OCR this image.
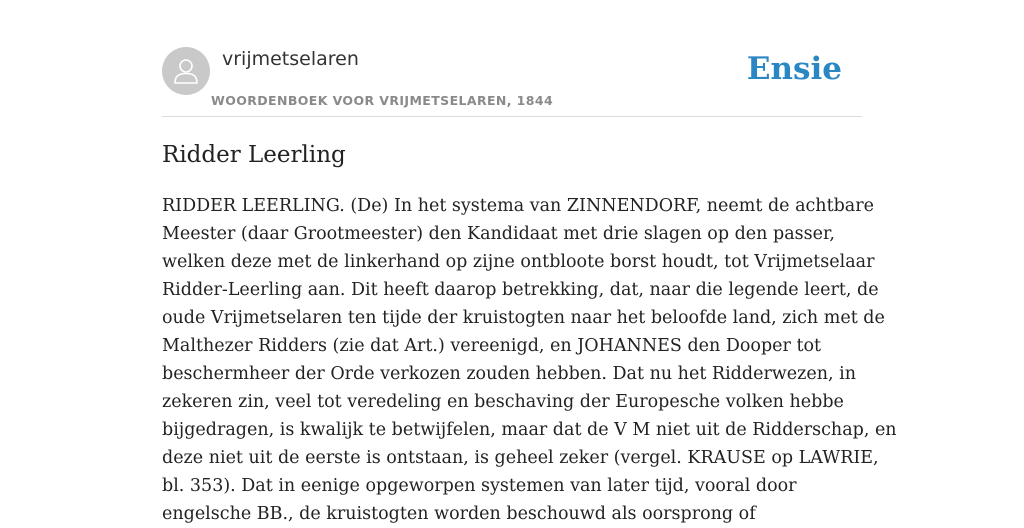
vrijmetselaren
WOORDENBOEK VOOR VRIJMETSELAREN, 1844
Ensie
Ridder Leerling

RIDDER LEERLING. (De) In het systema van ZINNENDORF, neemt de achtbare
Meester (daar Grootmeester) den Kandidaat met drie slagen op den passer,
welken deze met de linkerhand op zijne ontbloote borst houdt, tot Vrijmetselaar
Ridder-Leerling aan. Dit heeft daarop betrekking, dat, naar die legende leert, de
oude Vrijmetselaren ten tijde der kruistogten naar het beloofde land, zich met de
Malthezer Ridders (zie dat Art.) vereenigd, en JOHANNES den Dooper tot
beschermheer der Orde verkozen zouden hebben. Dat nu het Ridderwezen, in
zekeren zin, veel tot veredeling en beschaving der Europesche volken hebbe
bijgedragen, is kwalijk te betwijfelen, maar dat de V M niet uit de Ridderschap, en
deze niet uit de eerste is ontstaan, is geheel zeker (vergel. KRAUSE op LAWRIE,
bl. 353). Dat in eenige opgeworpen systemen van later tijd, vooral door
engelsche BB., de kruistogten worden beschouwd als oorsprong of
